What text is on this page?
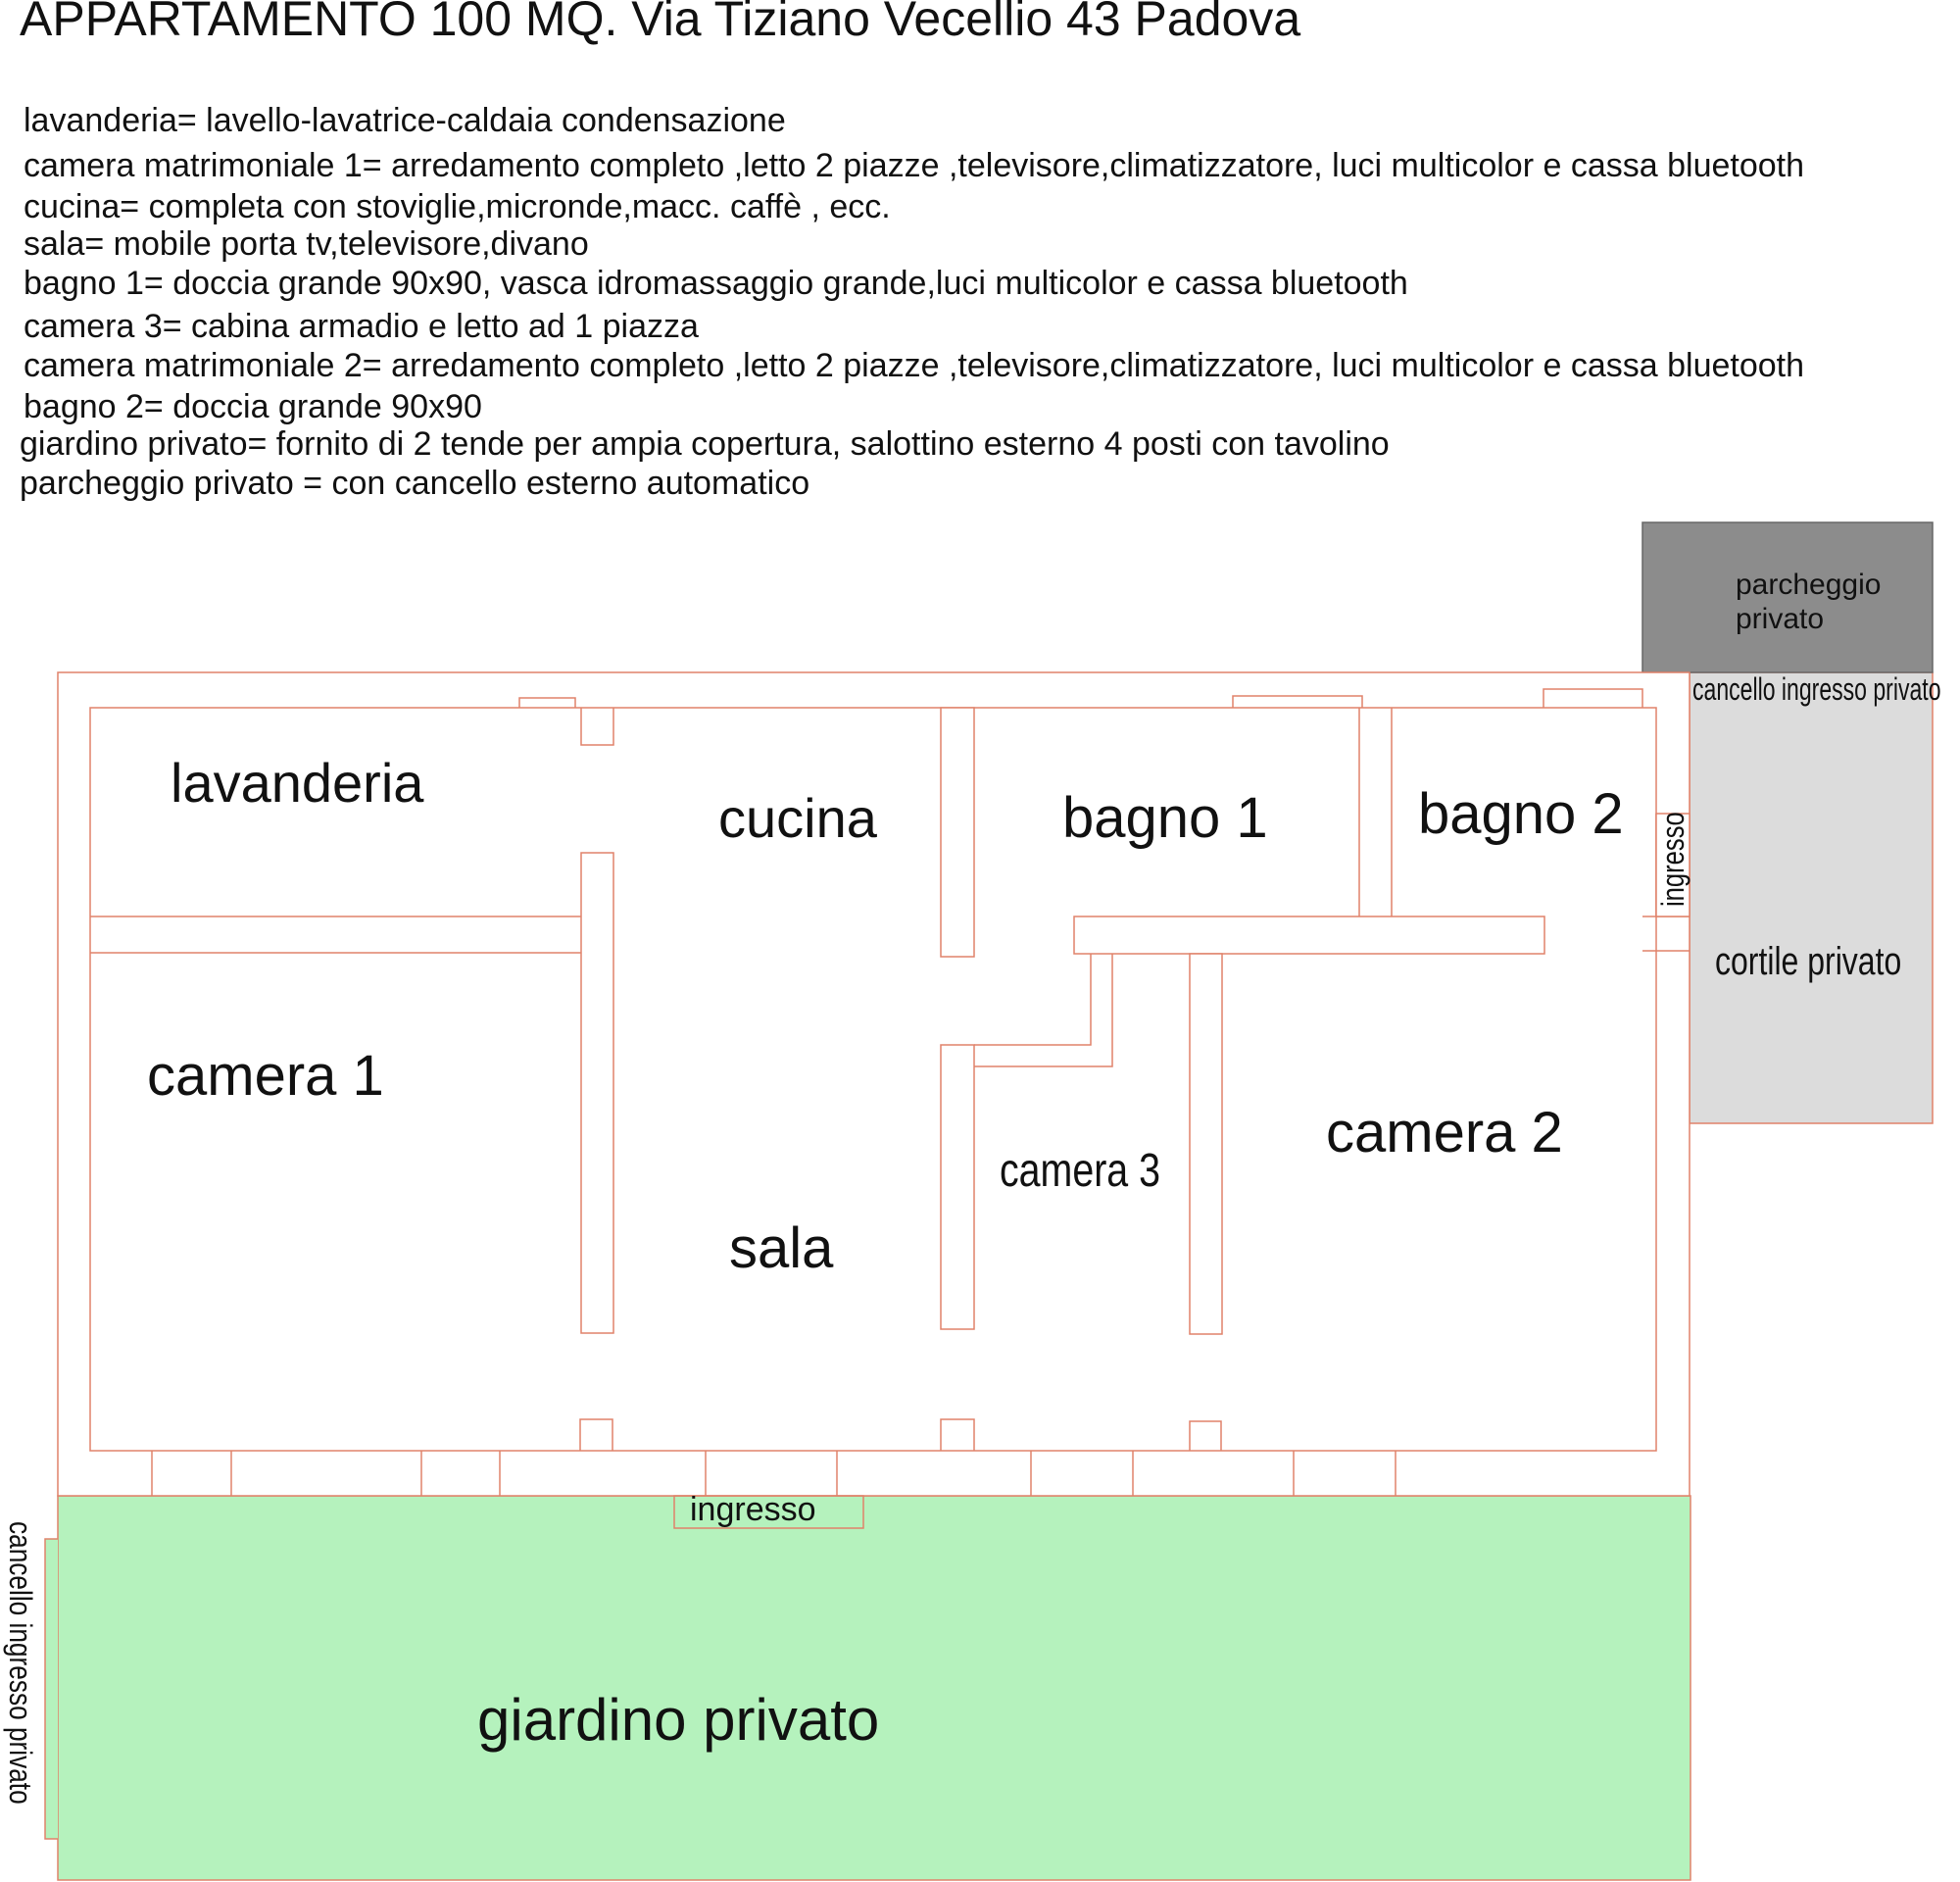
APPARTAMENTO 100 MQ. Via Tiziano Vecellio 43 Padova
lavanderia= lavello-lavatrice-caldaia condensazione
camera matrimoniale 1= arredamento completo ,letto 2 piazze ,televisore,climatizzatore, luci multicolor e cassa bluetooth
cucina= completa con stoviglie,micronde,macc. caffè , ecc.
sala= mobile porta tv,televisore,divano
bagno 1= doccia grande 90x90, vasca idromassaggio grande,luci multicolor e cassa bluetooth
camera 3= cabina armadio e letto ad 1 piazza
camera matrimoniale 2= arredamento completo ,letto 2 piazze ,televisore,climatizzatore, luci multicolor e cassa bluetooth
bagno 2= doccia grande 90x90
giardino privato= fornito di 2 tende per ampia copertura, salottino esterno 4 posti con tavolino
parcheggio privato = con cancello esterno automatico
lavanderia
cucina	bagno 1	bagno 2
camera 1
camera 2
camera 3
sala
parcheggio
privato
cancello ingresso privato
cortile privato
ingresso
ingresso
giardino privato
cancello ingresso privato
